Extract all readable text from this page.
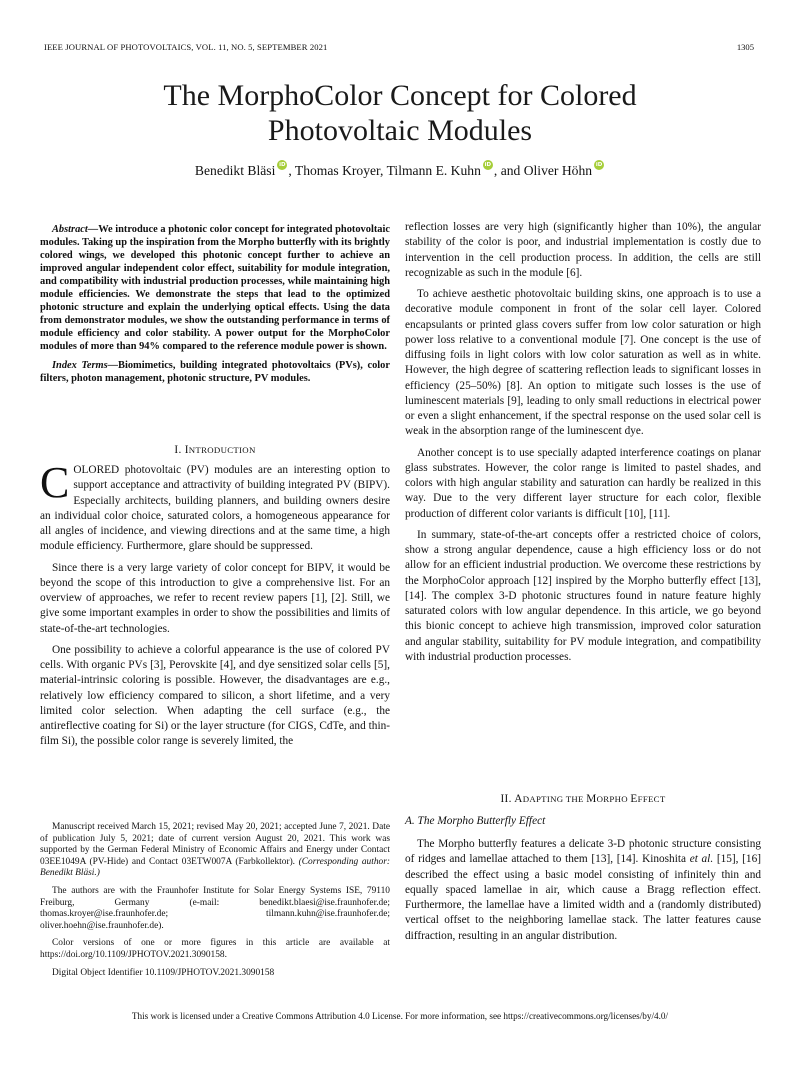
IEEE JOURNAL OF PHOTOVOLTAICS, VOL. 11, NO. 5, SEPTEMBER 2021	1305
The MorphoColor Concept for Colored
Photovoltaic Modules
Benedikt Bläsi iD , Thomas Kroyer, Tilmann E. Kuhn iD , and Oliver HöhniD

Abstract—We introduce a photonic color concept for integrated photovoltaic modules. Taking up the inspiration from the Morpho butterfly with its brightly colored wings, we developed this photonic concept further to achieve an improved angular independent color effect, suitability for module integration, and compatibility with industrial production processes, while maintaining high module efficiencies. We demonstrate the steps that lead to the optimized photonic structure and explain the underlying optical effects. Using the data from demonstrator modules, we show the outstanding performance in terms of module efficiency and color stability. A power output for the MorphoColor modules of more than 94% compared to the reference module power is shown.

Index Terms—Biomimetics, building integrated photovoltaics (PVs), color filters, photon management, photonic structure, PV modules.

I. INTRODUCTION

COLORED photovoltaic (PV) modules are an interesting option to support acceptance and attractivity of building integrated PV (BIPV). Especially architects, building planners, and building owners desire an individual color choice, saturated colors, a homogeneous appearance for all angles of incidence, and viewing directions and at the same time, a high module efficiency. Furthermore, glare should be suppressed.

Since there is a very large variety of color concept for BIPV, it would be beyond the scope of this introduction to give a comprehensive list. For an overview of approaches, we refer to recent review papers [1], [2]. Still, we give some important examples in order to show the possibilities and limits of state-of-the-art technologies.

One possibility to achieve a colorful appearance is the use of colored PV cells. With organic PVs [3], Perovskite [4], and dye sensitized solar cells [5], material-intrinsic coloring is possible. However, the disadvantages are e.g., relatively low efficiency compared to silicon, a short lifetime, and a very limited color selection. When adapting the cell surface (e.g., the antireflective coating for Si) or the layer structure (for CIGS, CdTe, and thin-film Si), the possible color range is severely limited, the

Manuscript received March 15, 2021; revised May 20, 2021; accepted June 7, 2021. Date of publication July 5, 2021; date of current version August 20, 2021. This work was supported by the German Federal Ministry of Economic Affairs and Energy under Contact 03EE1049A (PV-Hide) and Contact 03ETW007A (Farbkollektor). (Corresponding author: Benedikt Bläsi.)

The authors are with the Fraunhofer Institute for Solar Energy Systems ISE, 79110 Freiburg, Germany (e-mail: benedikt.blaesi@ise.fraunhofer.de; thomas.kroyer@ise.fraunhofer.de; tilmann.kuhn@ise.fraunhofer.de; oliver.hoehn@ise.fraunhofer.de).

Color versions of one or more figures in this article are available at https://doi.org/10.1109/JPHOTOV.2021.3090158.

Digital Object Identifier 10.1109/JPHOTOV.2021.3090158

reflection losses are very high (significantly higher than 10%), the angular stability of the color is poor, and industrial implementation is costly due to intervention in the cell production process. In addition, the cells are still recognizable as such in the module [6].

To achieve aesthetic photovoltaic building skins, one approach is to use a decorative module component in front of the solar cell layer. Colored encapsulants or printed glass covers suffer from low color saturation or high power loss relative to a conventional module [7]. One concept is the use of diffusing foils in light colors with low color saturation as well as in white. However, the high degree of scattering reflection leads to significant losses in efficiency (25–50%) [8]. An option to mitigate such losses is the use of luminescent materials [9], leading to only small reductions in electrical power or even a slight enhancement, if the spectral response on the used solar cell is weak in the absorption range of the luminescent dye.

Another concept is to use specially adapted interference coatings on planar glass substrates. However, the color range is limited to pastel shades, and colors with high angular stability and saturation can hardly be realized in this way. Due to the very different layer structure for each color, flexible production of different color variants is difficult [10], [11].

In summary, state-of-the-art concepts offer a restricted choice of colors, show a strong angular dependence, cause a high efficiency loss or do not allow for an efficient industrial production. We overcome these restrictions by the MorphoColor approach [12] inspired by the Morpho butterfly effect [13], [14]. The complex 3-D photonic structures found in nature feature highly saturated colors with low angular dependence. In this article, we go beyond this bionic concept to achieve high transmission, improved color saturation and angular stability, suitability for PV module integration, and compatibility with industrial production processes.

II. ADAPTING THE MORPHO EFFECT
A. The Morpho Butterfly Effect

The Morpho butterfly features a delicate 3-D photonic structure consisting of ridges and lamellae attached to them [13], [14]. Kinoshita et al. [15], [16] described the effect using a basic model consisting of infinitely thin and equally spaced lamellae in air, which cause a Bragg reflection effect. Furthermore, the lamellae have a limited width and a (randomly distributed) vertical offset to the neighboring lamellae stack. The latter features cause diffraction, resulting in an angular distribution.

This work is licensed under a Creative Commons Attribution 4.0 License. For more information, see https://creativecommons.org/licenses/by/4.0/
